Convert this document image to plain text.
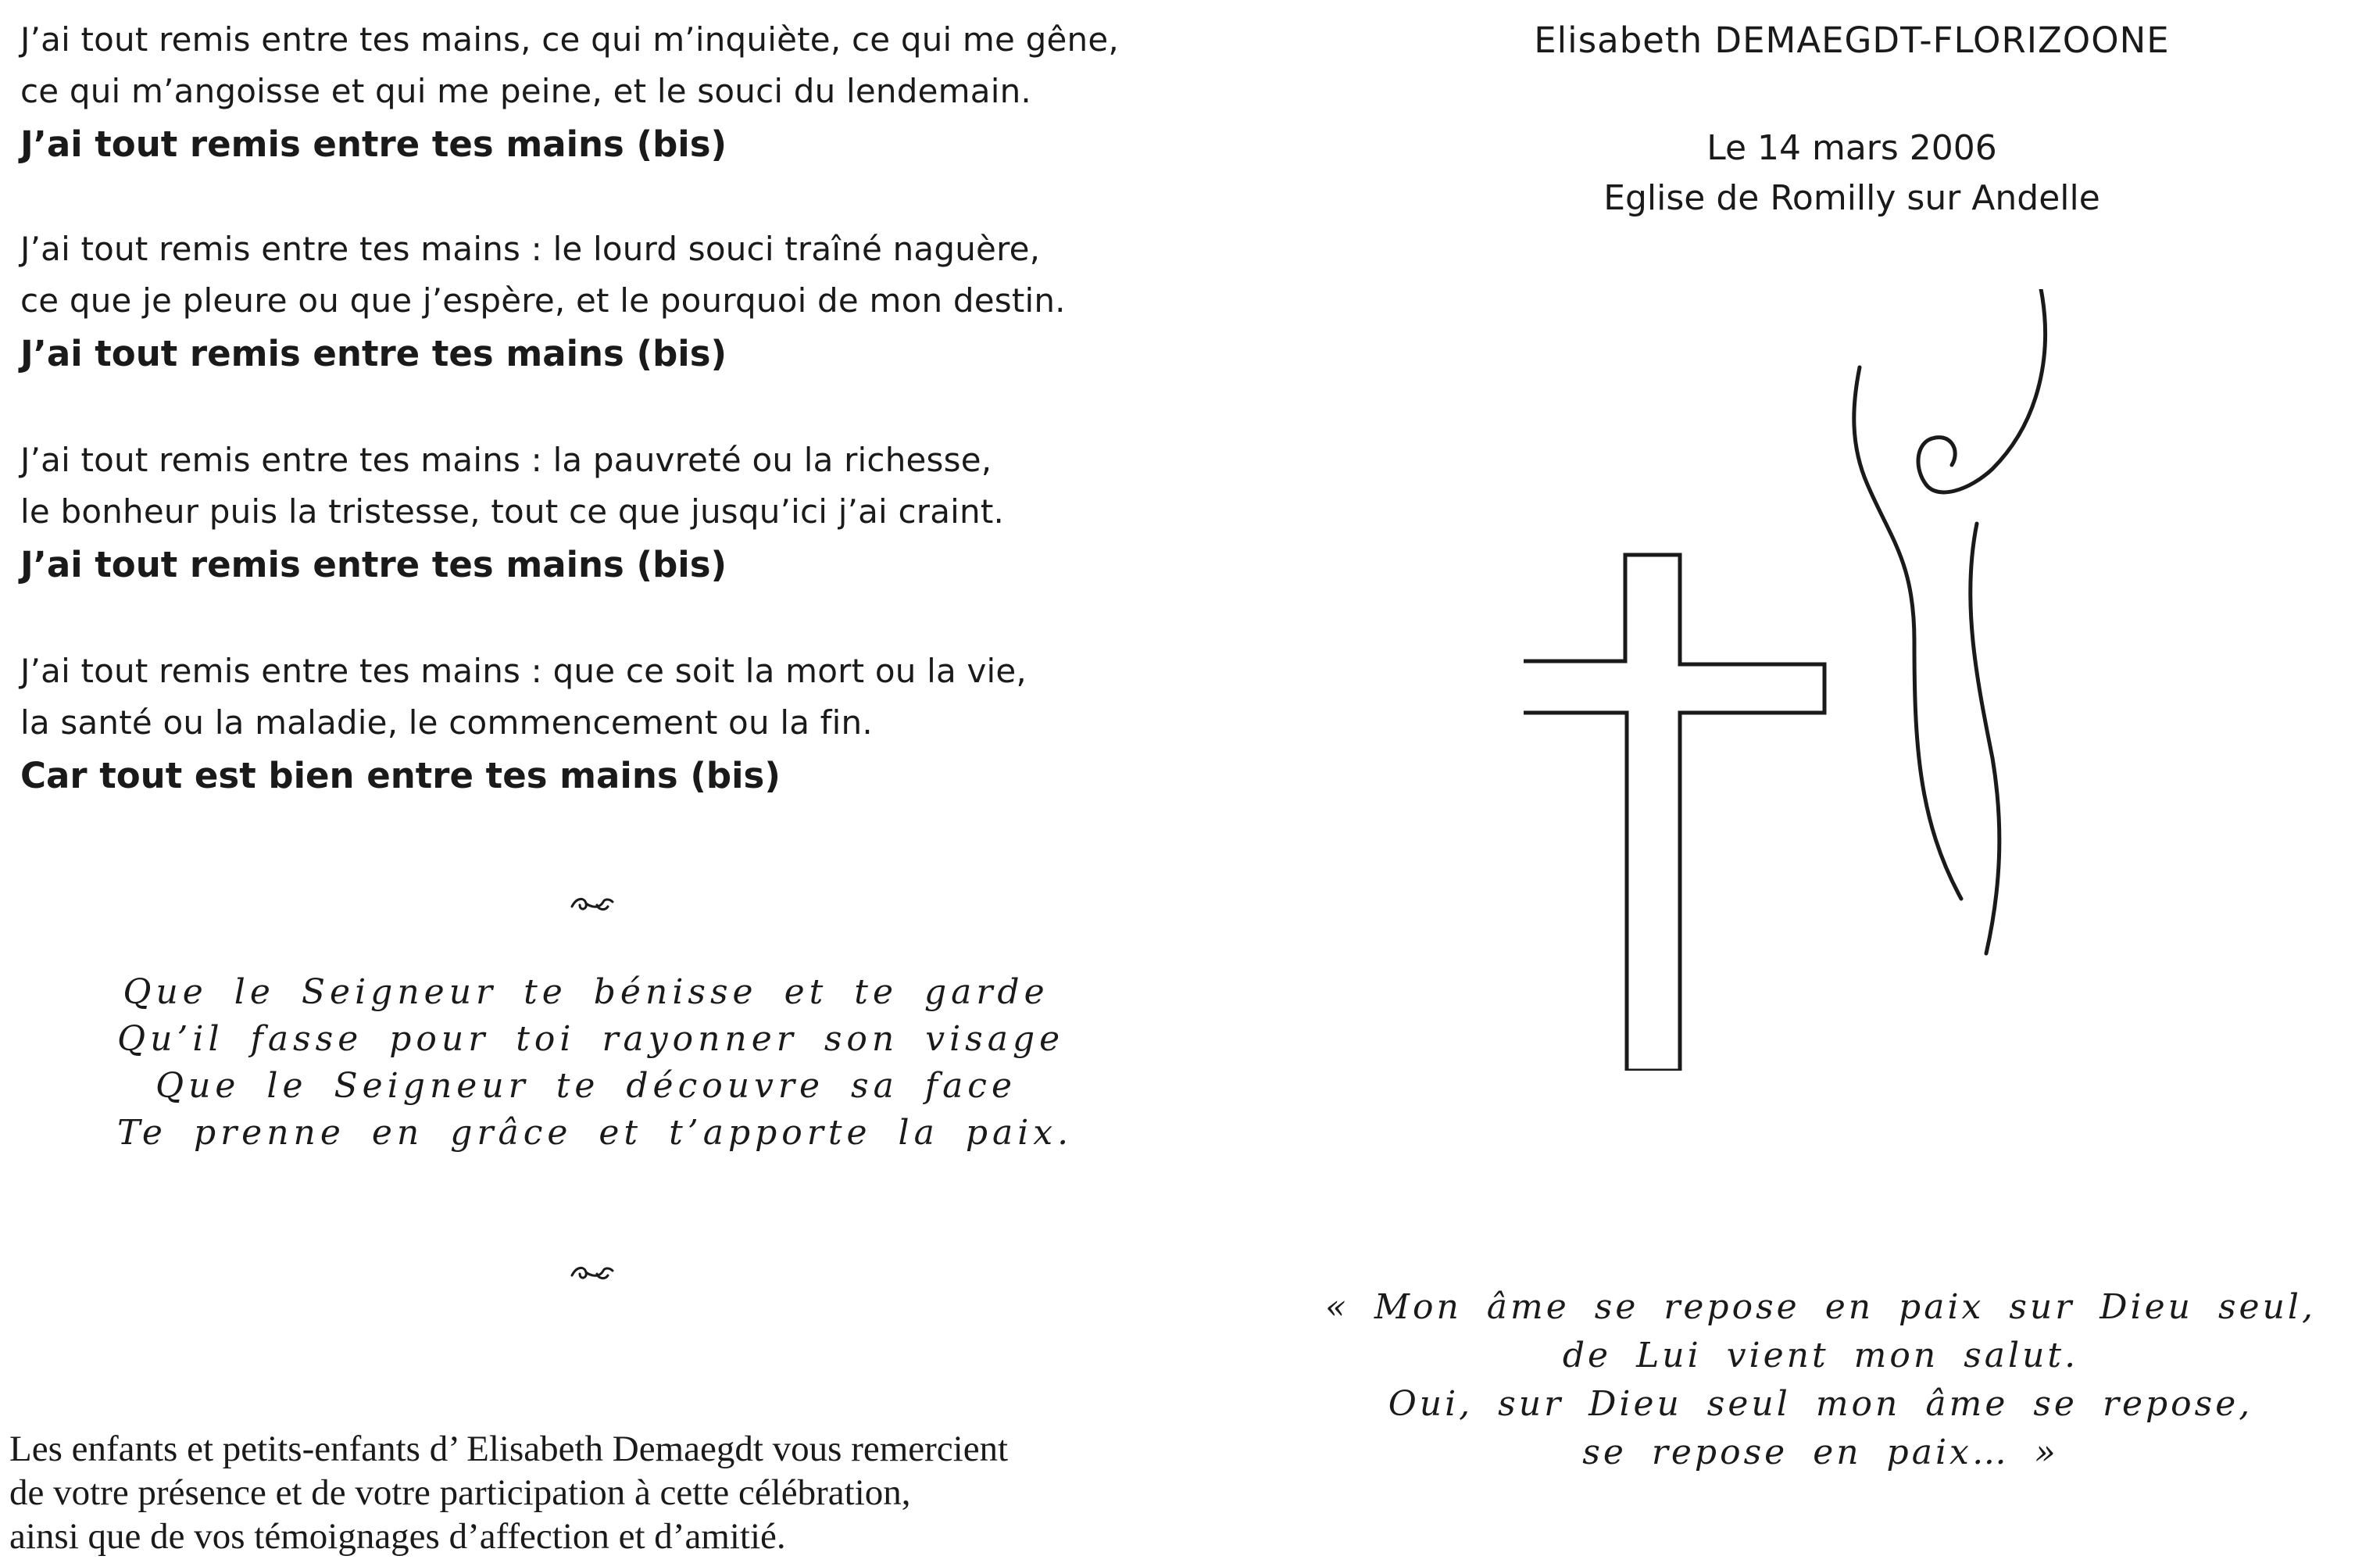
J’ai tout remis entre tes mains, ce qui m’inquiète, ce qui me gêne,
ce qui m’angoisse et qui me peine, et le souci du lendemain.
J’ai tout remis entre tes mains (bis)
J’ai tout remis entre tes mains : le lourd souci traîné naguère,
ce que je pleure ou que j’espère, et le pourquoi de mon destin.
J’ai tout remis entre tes mains (bis)
J’ai tout remis entre tes mains : la pauvreté ou la richesse,
le bonheur puis la tristesse, tout ce que jusqu’ici j’ai craint.
J’ai tout remis entre tes mains (bis)
J’ai tout remis entre tes mains : que ce soit la mort ou la vie,
la santé ou la maladie, le commencement ou la fin.
Car tout est bien entre tes mains (bis)
Que le Seigneur te bénisse et te garde
Qu’il fasse pour toi rayonner son visage
Que le Seigneur te découvre sa face
Te prenne en grâce et t’apporte la paix.
Les enfants et petits-enfants d’ Elisabeth Demaegdt vous remercient
de votre présence et de votre participation à cette célébration,
ainsi que de vos témoignages d’affection et d’amitié.
Elisabeth DEMAEGDT-FLORIZOONE
Le 14 mars 2006
Eglise de Romilly sur Andelle
« Mon âme se repose en paix sur Dieu seul,
de Lui vient mon salut.
Oui, sur Dieu seul mon âme se repose,
se repose en paix… »
